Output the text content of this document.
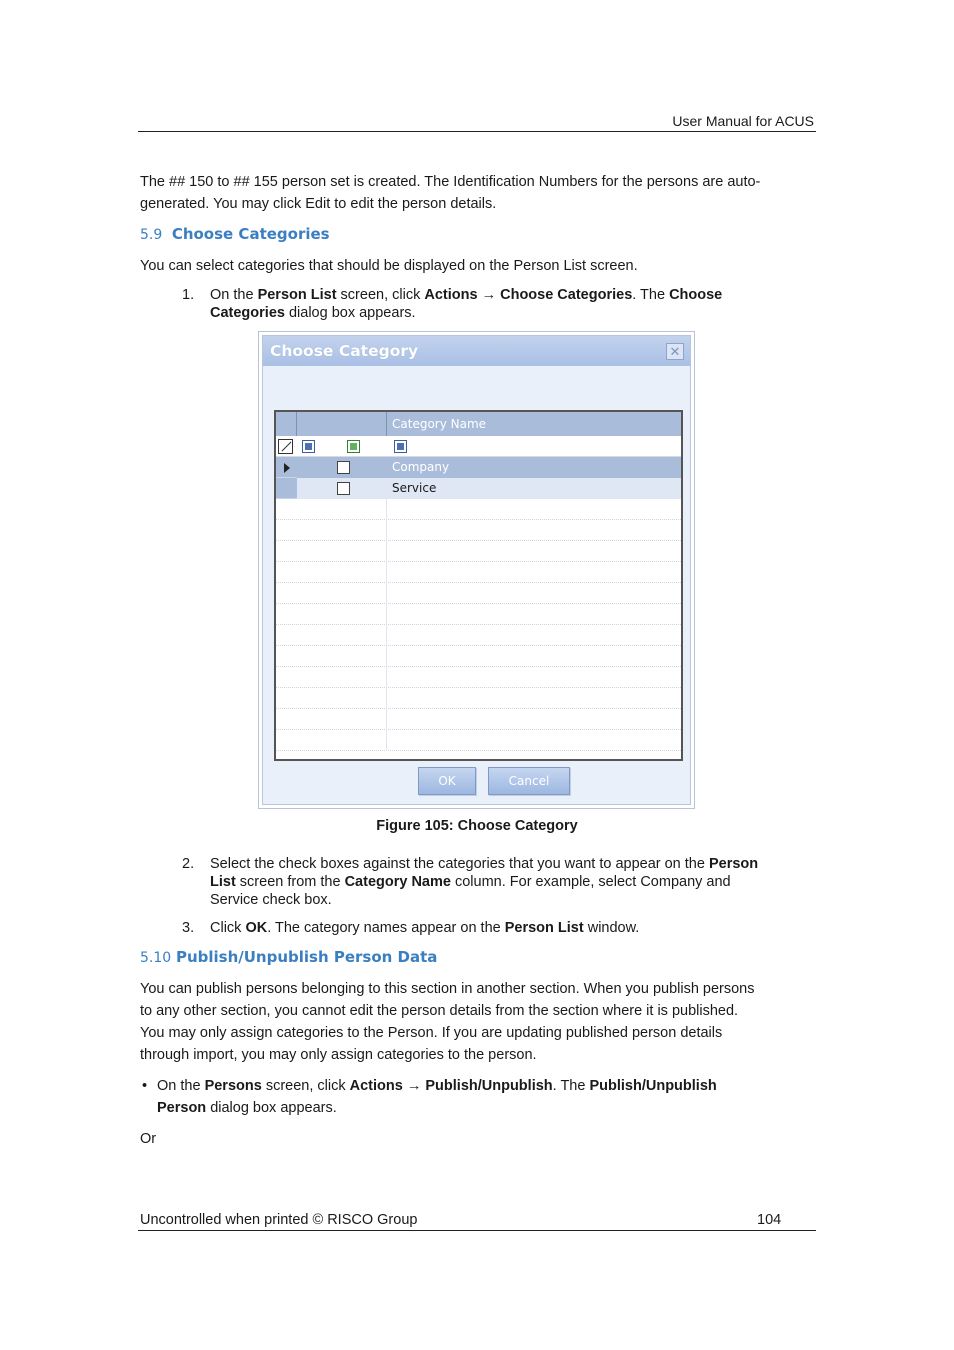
User Manual for ACUS
The ## 150 to ## 155 person set is created. The Identification Numbers for the persons are auto-
generated. You may click Edit to edit the person details.
5.9 Choose Categories
You can select categories that should be displayed on the Person List screen.
1. On the Person List screen, click Actions → Choose Categories. The Choose
Categories dialog box appears.
Choose Category	✕
Category Name
Company
Service
OK	Cancel
Figure 105: Choose Category
2. Select the check boxes against the categories that you want to appear on the Person
List screen from the Category Name column. For example, select Company and
Service check box.
3. Click OK. The category names appear on the Person List window.
5.10 Publish/Unpublish Person Data
You can publish persons belonging to this section in another section. When you publish persons
to any other section, you cannot edit the person details from the section where it is published.
You may only assign categories to the Person. If you are updating published person details
through import, you may only assign categories to the person.
• On the Persons screen, click Actions → Publish/Unpublish. The Publish/Unpublish
Person dialog box appears.
Or
Uncontrolled when printed © RISCO Group	104
